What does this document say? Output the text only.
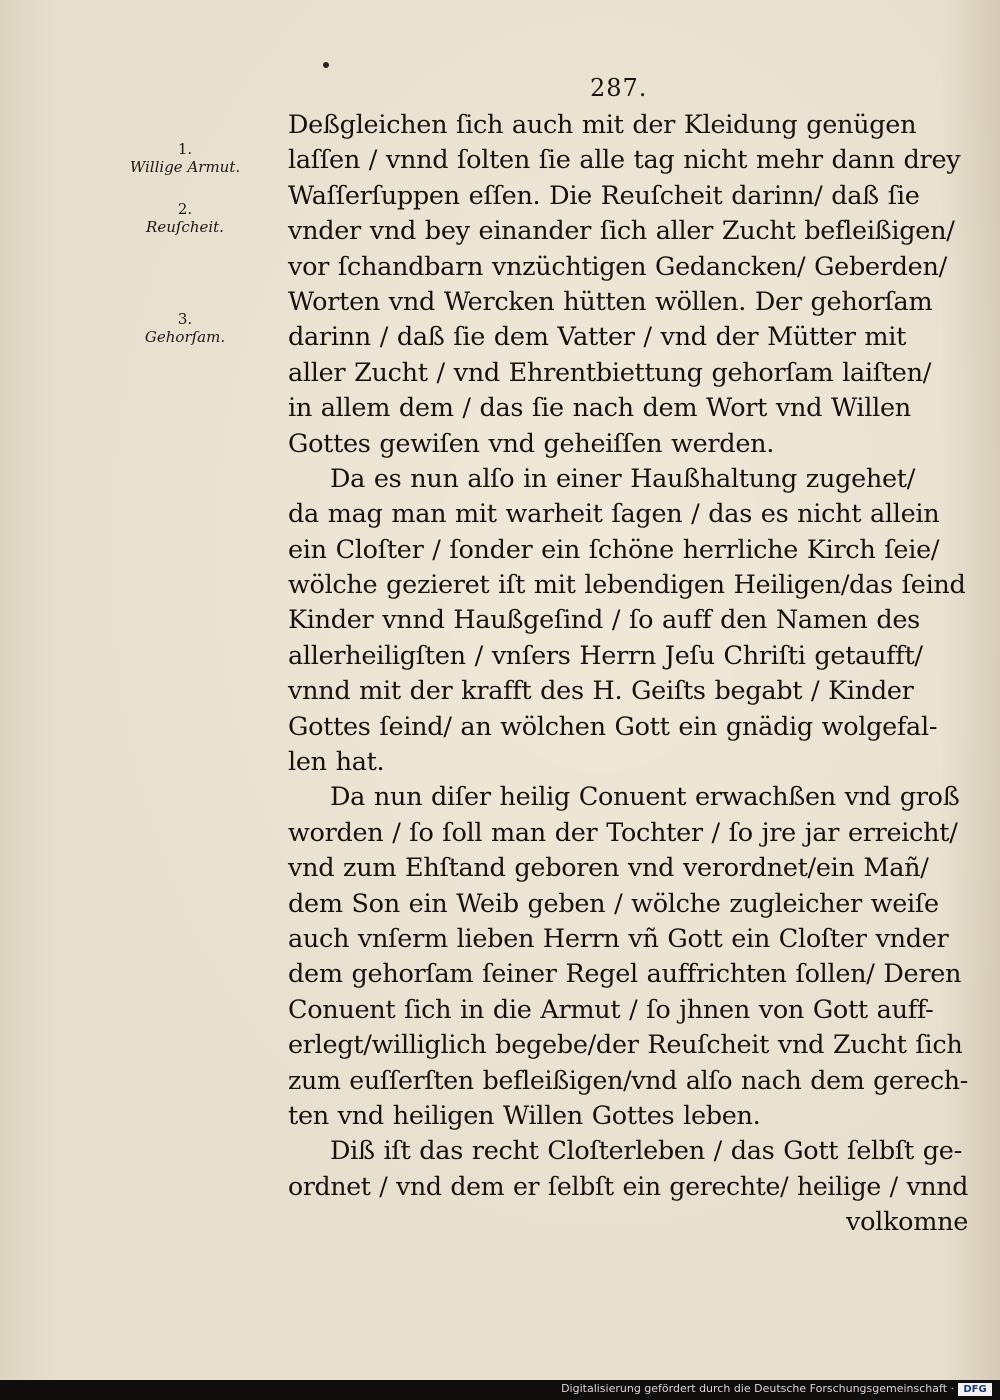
287.
1.
Willige Armut.
2.
Reuſcheit.
3.
Gehorſam.
Deßgleichen ſich auch mit der Kleidung genügen
laſſen / vnnd ſolten ſie alle tag nicht mehr dann drey
Waſſerſuppen eſſen. Die Reuſcheit darinn/ daß ſie
vnder vnd bey einander ſich aller Zucht befleißigen/
vor ſchandbarn vnzüchtigen Gedancken/ Geberden/
Worten vnd Wercken hütten wöllen. Der gehorſam
darinn / daß ſie dem Vatter / vnd der Mütter mit
aller Zucht / vnd Ehrentbiettung gehorſam laiſten/
in allem dem / das ſie nach dem Wort vnd Willen
Gottes gewiſen vnd geheiſſen werden.
Da es nun alſo in einer Haußhaltung zugehet/
da mag man mit warheit ſagen / das es nicht allein
ein Cloſter / ſonder ein ſchöne herrliche Kirch ſeie/
wölche gezieret iſt mit lebendigen Heiligen/das ſeind
Kinder vnnd Haußgeſind / ſo auff den Namen des
allerheiligſten / vnſers Herrn Jeſu Chriſti getaufft/
vnnd mit der krafft des H. Geiſts begabt / Kinder
Gottes ſeind/ an wölchen Gott ein gnädig wolgefal-
len hat.
Da nun diſer heilig Conuent erwachßen vnd groß
worden / ſo ſoll man der Tochter / ſo jre jar erreicht/
vnd zum Ehſtand geboren vnd verordnet/ein Mañ/
dem Son ein Weib geben / wölche zugleicher weiſe
auch vnſerm lieben Herrn vñ Gott ein Cloſter vnder
dem gehorſam ſeiner Regel auffrichten ſollen/ Deren
Conuent ſich in die Armut / ſo jhnen von Gott auff-
erlegt/williglich begebe/der Reuſcheit vnd Zucht ſich
zum euſſerſten befleißigen/vnd alſo nach dem gerech-
ten vnd heiligen Willen Gottes leben.
Diß iſt das recht Cloſterleben / das Gott ſelbſt ge-
ordnet / vnd dem er ſelbſt ein gerechte/ heilige / vnnd
volkomne
Digitalisierung gefördert durch die Deutsche Forschungsgemeinschaft · DFG
